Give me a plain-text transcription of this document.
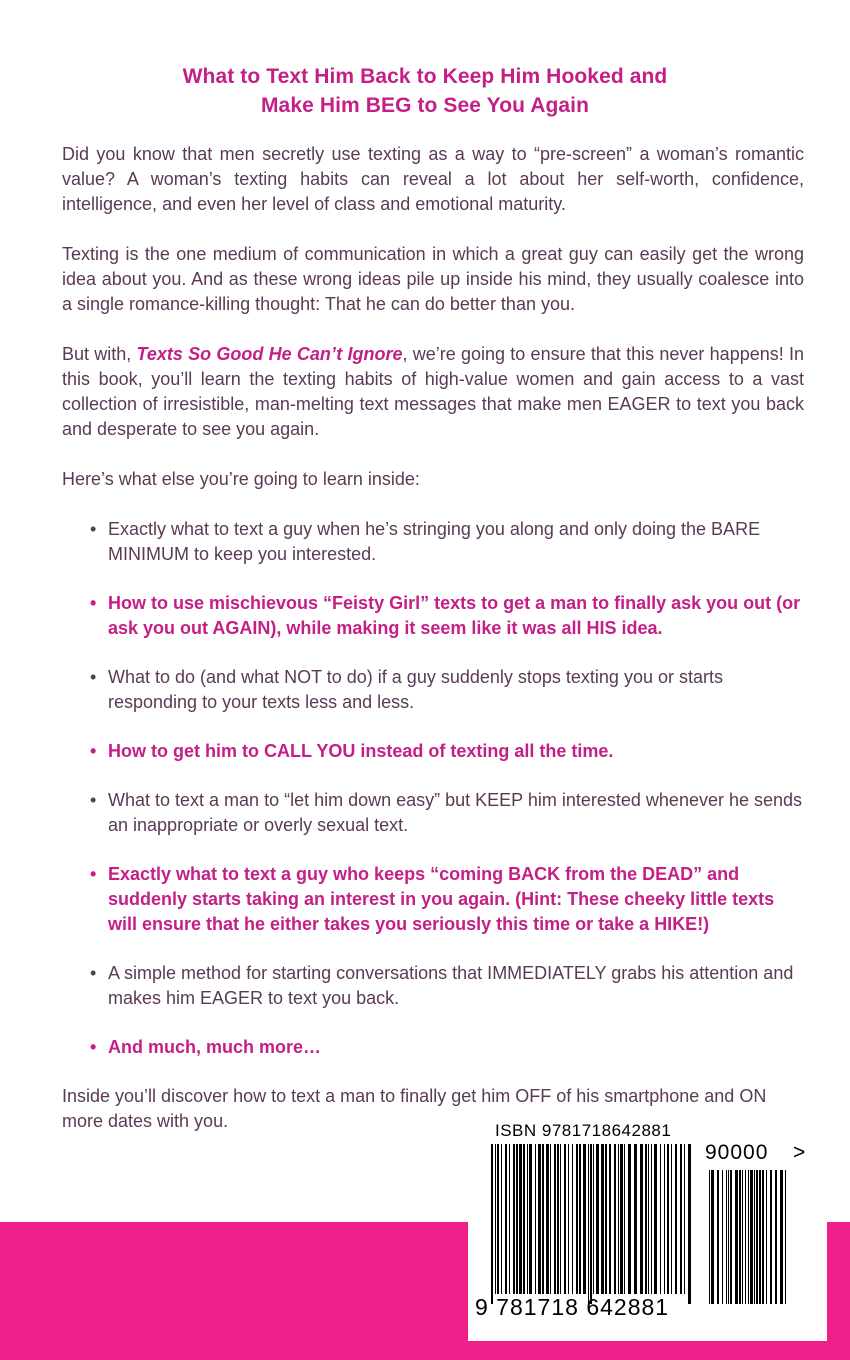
What to Text Him Back to Keep Him Hooked and
Make Him BEG to See You Again

Did you know that men secretly use texting as a way to “pre-screen” a woman’s romantic value? A woman’s texting habits can reveal a lot about her self-worth, confidence, intelligence, and even her level of class and emotional maturity.

Texting is the one medium of communication in which a great guy can easily get the wrong idea about you. And as these wrong ideas pile up inside his mind, they usually coalesce into a single romance-killing thought: That he can do better than you.

But with, Texts So Good He Can’t Ignore, we’re going to ensure that this never happens! In this book, you’ll learn the texting habits of high-value women and gain access to a vast collection of irresistible, man-melting text messages that make men EAGER to text you back and desperate to see you again.

Here’s what else you’re going to learn inside:

• Exactly what to text a guy when he’s stringing you along and only doing the BARE MINIMUM to keep you interested.
• How to use mischievous “Feisty Girl” texts to get a man to finally ask you out (or ask you out AGAIN), while making it seem like it was all HIS idea.
• What to do (and what NOT to do) if a guy suddenly stops texting you or starts responding to your texts less and less.
• How to get him to CALL YOU instead of texting all the time.
• What to text a man to “let him down easy” but KEEP him interested whenever he sends an inappropriate or overly sexual text.
• Exactly what to text a guy who keeps “coming BACK from the DEAD” and suddenly starts taking an interest in you again. (Hint: These cheeky little texts will ensure that he either takes you seriously this time or take a HIKE!)
• A simple method for starting conversations that IMMEDIATELY grabs his attention and makes him EAGER to text you back.
• And much, much more…

Inside you’ll discover how to text a man to finally get him OFF of his smartphone and ON more dates with you.	ISBN 9781718642881
90000 >
9 781718 642881
